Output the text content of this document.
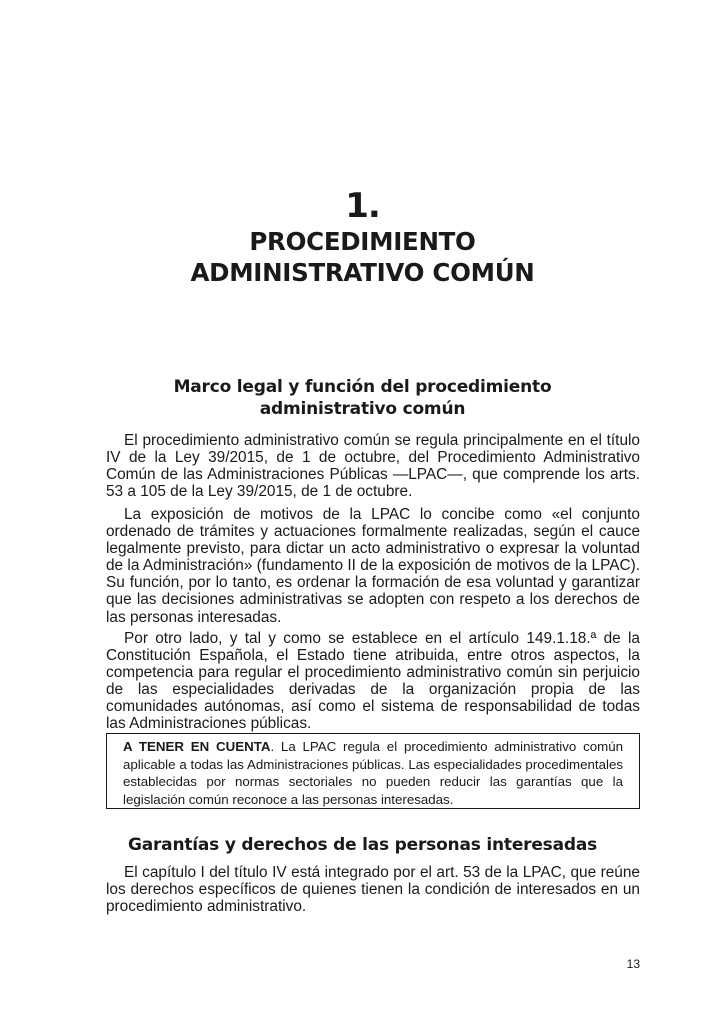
1.
PROCEDIMIENTO
ADMINISTRATIVO COMÚN
Marco legal y función del procedimiento
administrativo común

El procedimiento administrativo común se regula principalmente en el título IV de la Ley 39/2015, de 1 de octubre, del Procedimiento Administrativo Común de las Administraciones Públicas —LPAC—, que comprende los arts. 53 a 105 de la Ley 39/2015, de 1 de octubre.

La exposición de motivos de la LPAC lo concibe como «el conjunto ordenado de trámites y actuaciones formalmente realizadas, según el cauce legalmente previsto, para dictar un acto administrativo o expresar la voluntad de la Administración» (fundamento II de la exposición de motivos de la LPAC). Su función, por lo tanto, es ordenar la formación de esa voluntad y garantizar que las decisiones administrativas se adopten con respeto a los derechos de las personas interesadas.

Por otro lado, y tal y como se establece en el artículo 149.1.18.ª de la Constitución Española, el Estado tiene atribuida, entre otros aspectos, la competencia para regular el procedimiento administrativo común sin perjuicio de las especialidades derivadas de la organización propia de las comunidades autónomas, así como el sistema de responsabilidad de todas las Administraciones públicas.

A TENER EN CUENTA. La LPAC regula el procedimiento administrativo común aplicable a todas las Administraciones públicas. Las especialidades procedimentales establecidas por normas sectoriales no pueden reducir las garantías que la legislación común reconoce a las personas interesadas.
Garantías y derechos de las personas interesadas

El capítulo I del título IV está integrado por el art. 53 de la LPAC, que reúne los derechos específicos de quienes tienen la condición de interesados en un procedimiento administrativo.

13
